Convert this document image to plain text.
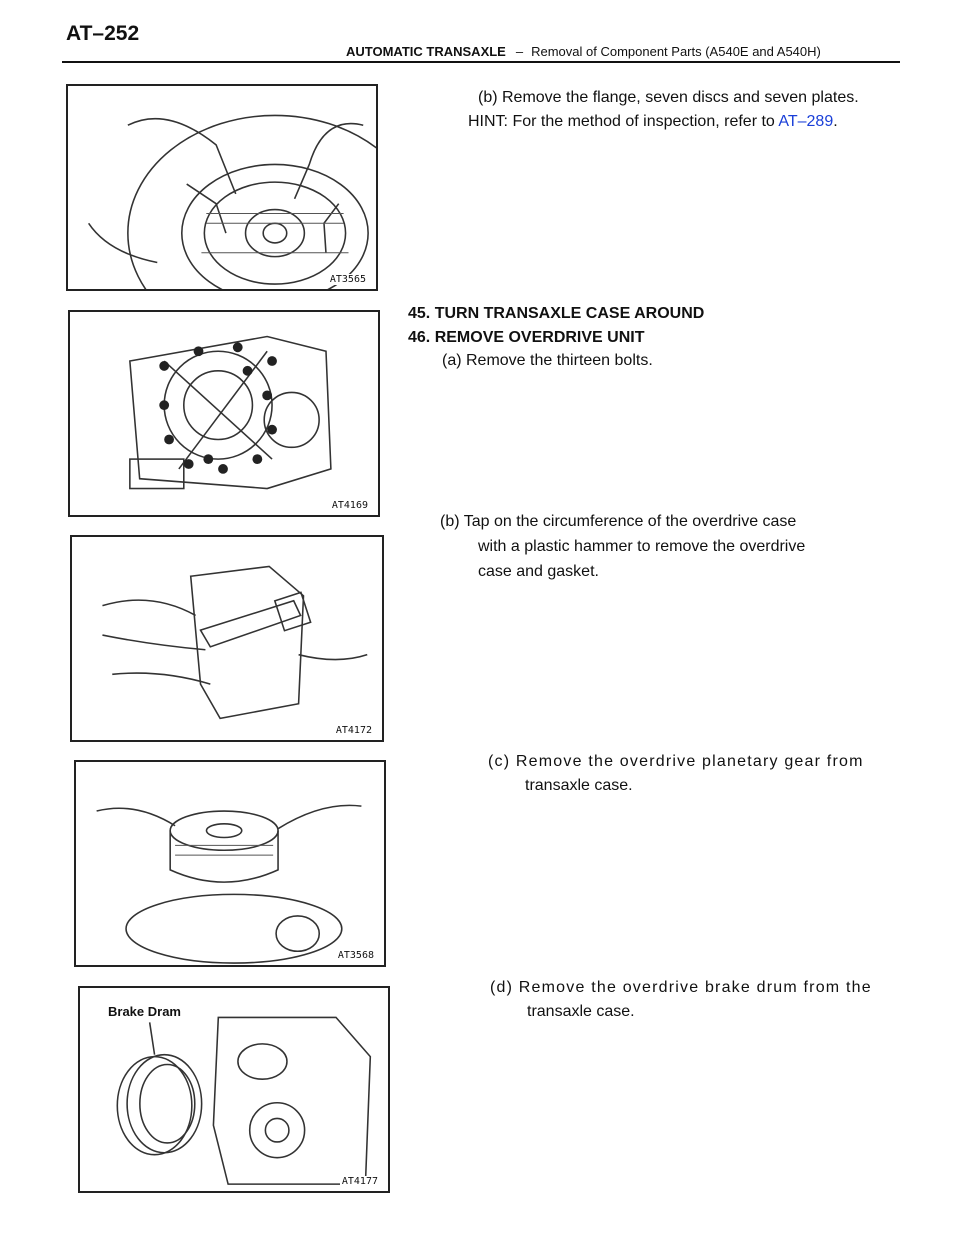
AT–252
AUTOMATIC TRANSAXLE – Removal of Component Parts (A540E and A540H)
AT3565
AT4169
AT4172
AT3568
Brake Dram
AT4177
(b) Remove the flange, seven discs and seven plates.
HINT: For the method of inspection, refer to AT–289.
45. TURN TRANSAXLE CASE AROUND
46. REMOVE OVERDRIVE UNIT
(a) Remove the thirteen bolts.
(b) Tap on the circumference of the overdrive case
with a plastic hammer to remove the overdrive
case and gasket.
(c) Remove the overdrive planetary gear from
transaxle case.
(d) Remove the overdrive brake drum from the
transaxle case.
